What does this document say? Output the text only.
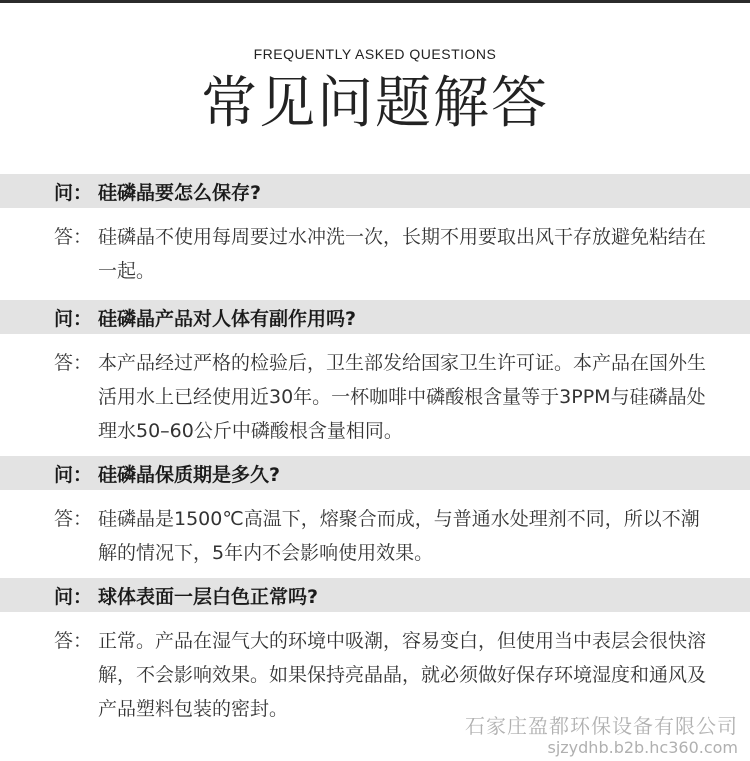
FREQUENTLY ASKED QUESTIONS
常见问题解答
问： 硅磷晶要怎么保存?
答： 硅磷晶不使用每周要过水冲洗一次，长期不用要取出风干存放避免粘结在一起。
问： 硅磷晶产品对人体有副作用吗?
答： 本产品经过严格的检验后，卫生部发给国家卫生许可证。本产品在国外生活用水上已经使用近30年。一杯咖啡中磷酸根含量等于3PPM与硅磷晶处理水50–60公斤中磷酸根含量相同。
问： 硅磷晶保质期是多久?
答： 硅磷晶是1500℃高温下，熔聚合而成，与普通水处理剂不同，所以不潮解的情况下，5年内不会影响使用效果。
问： 球体表面一层白色正常吗?
答： 正常。产品在湿气大的环境中吸潮，容易变白，但使用当中表层会很快溶解，不会影响效果。如果保持亮晶晶，就必须做好保存环境湿度和通风及产品塑料包装的密封。
石家庄盈都环保设备有限公司
sjzydhb.b2b.hc360.com
